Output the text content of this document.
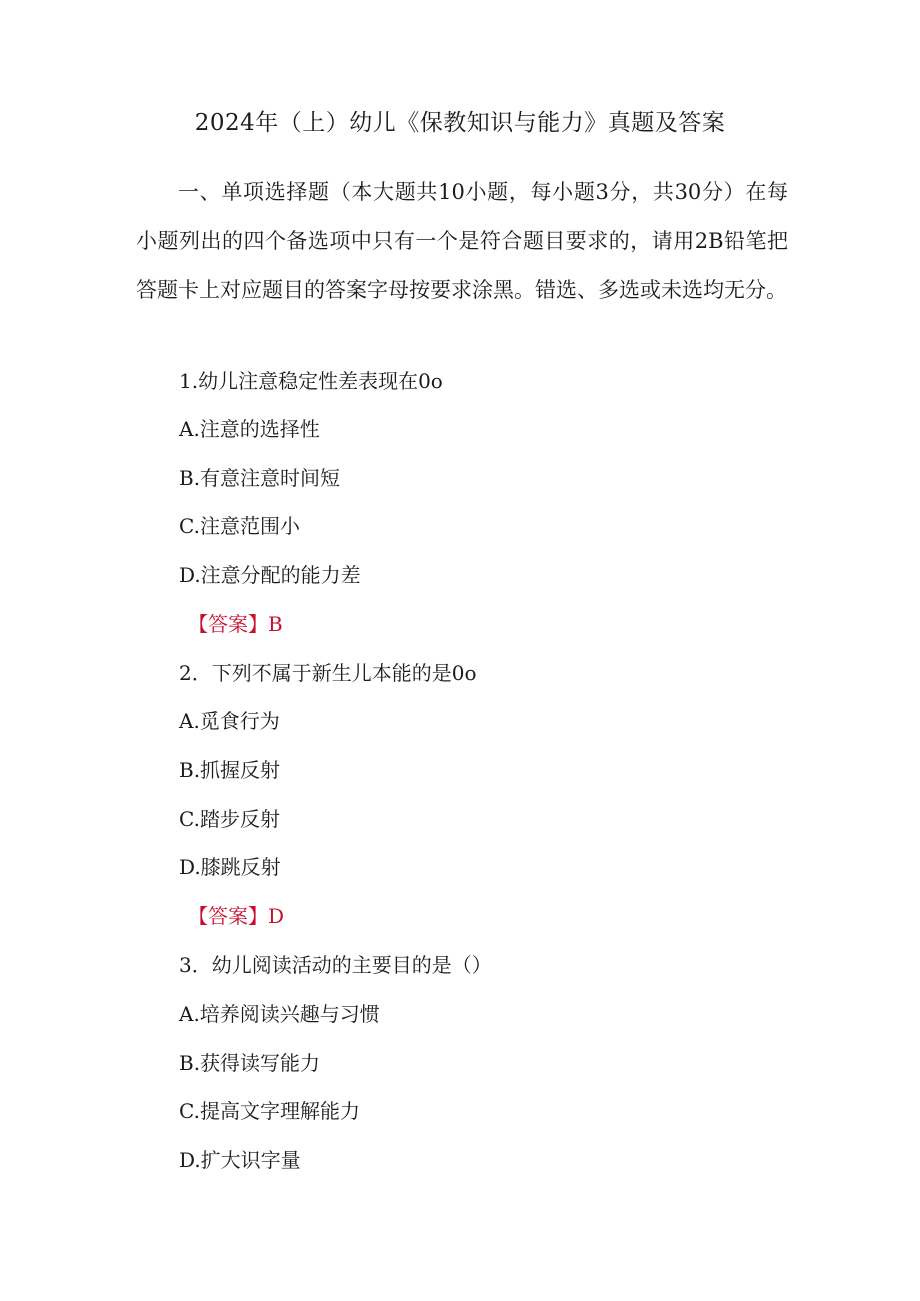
2024年（上）幼儿《保教知识与能力》真题及答案

一、单项选择题（本大题共10小题，每小题3分，共30分）在每小题列出的四个备选项中只有一个是符合题目要求的，请用2B铅笔把答题卡上对应题目的答案字母按要求涂黑。错选、多选或未选均无分。

1.幼儿注意稳定性差表现在0o
A.注意的选择性
B.有意注意时间短
C.注意范围小
D.注意分配的能力差
【答案】B
2．下列不属于新生儿本能的是0o
A.觅食行为
B.抓握反射
C.踏步反射
D.膝跳反射
【答案】D
3．幼儿阅读活动的主要目的是（）
A.培养阅读兴趣与习惯
B.获得读写能力
C.提高文字理解能力
D.扩大识字量
